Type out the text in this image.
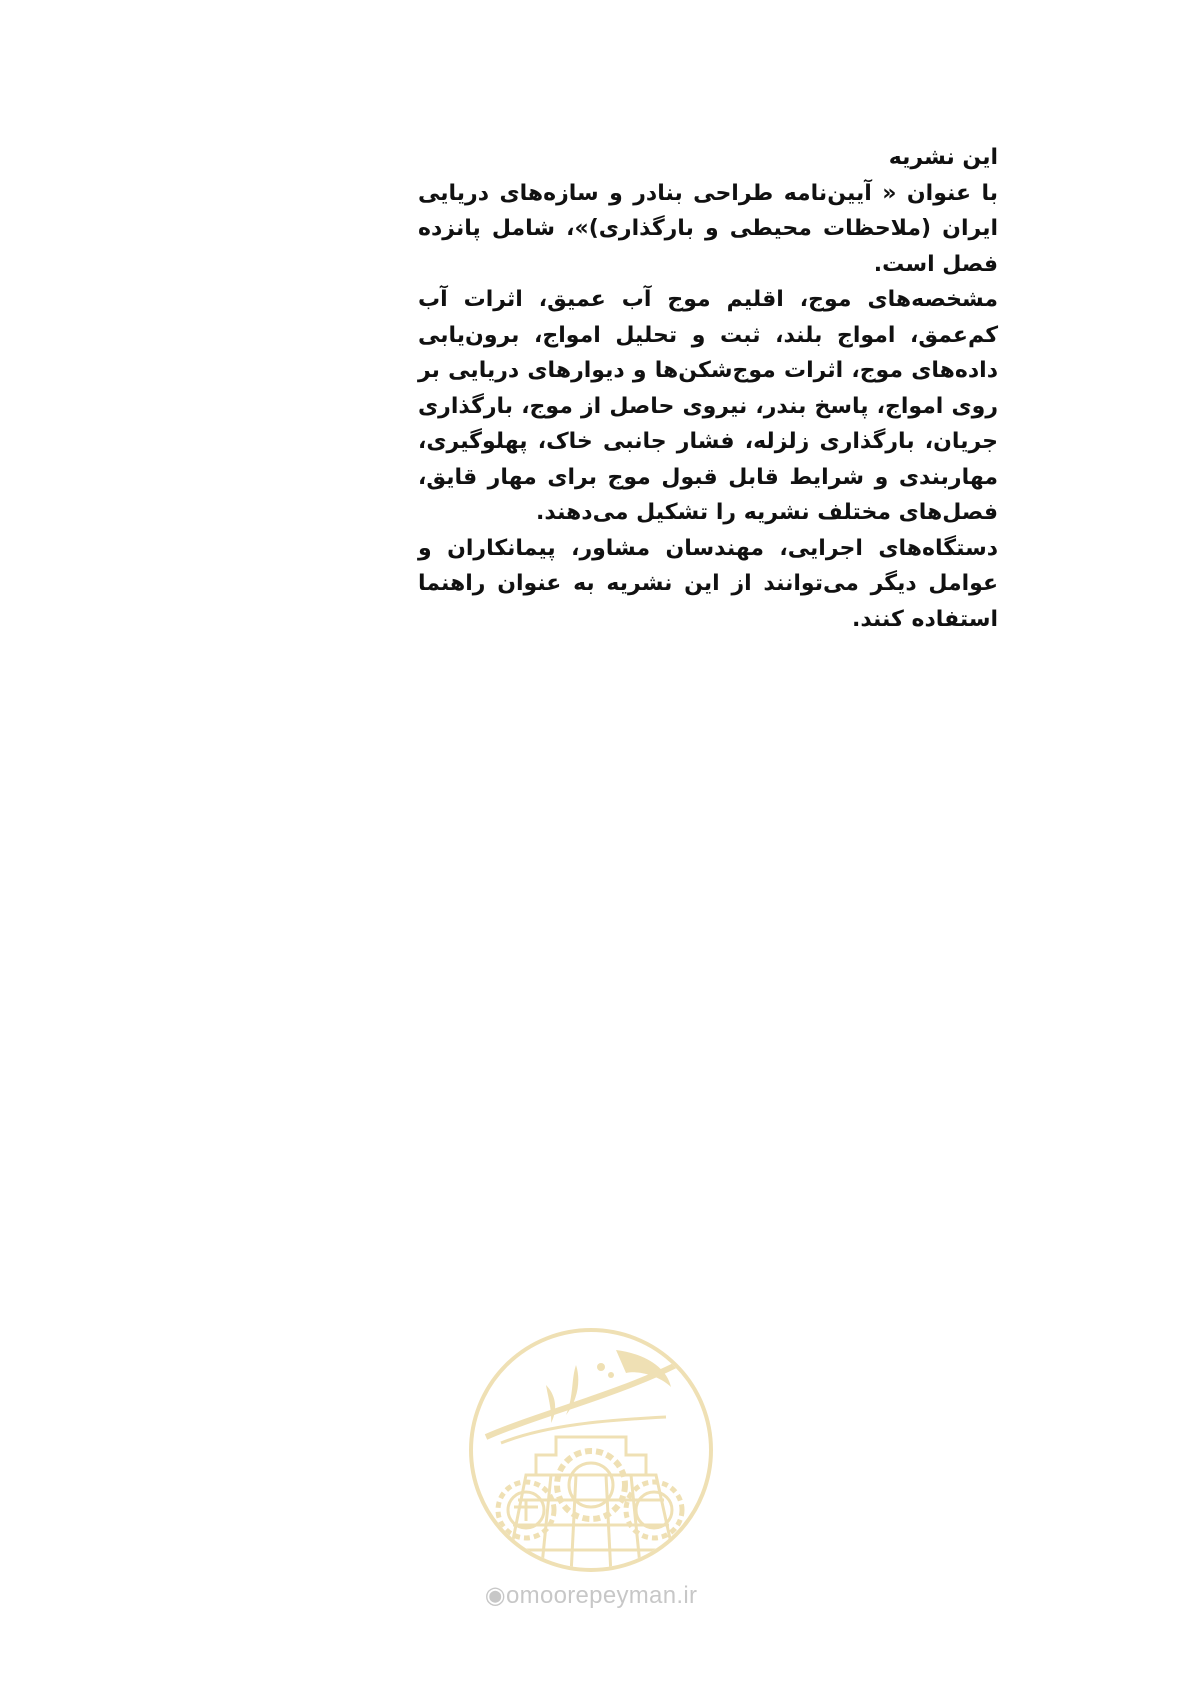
این نشریه

با عنوان « آیین‌نامه طراحی بنادر و سازه‌های دریایی ایران (ملاحظات محیطی و بارگذاری)»، شامل پانزده فصل است.

مشخصه‌های موج، اقلیم موج آب عمیق، اثرات آب کم‌عمق، امواج بلند، ثبت و تحلیل امواج، برون‌یابی داده‌های موج، اثرات موج‌شکن‌ها و دیوارهای دریایی بر روی امواج، پاسخ بندر، نیروی حاصل از موج، بارگذاری جریان، بارگذاری زلزله، فشار جانبی خاک، پهلوگیری، مهاربندی و شرایط قابل قبول موج برای مهار قایق، فصل‌های مختلف نشریه را تشکیل می‌دهند.

دستگاه‌های اجرایی، مهندسان مشاور، پیمانکاران و عوامل دیگر می‌توانند از این نشریه به عنوان راهنما استفاده کنند.

◉omoorepeyman.ir
